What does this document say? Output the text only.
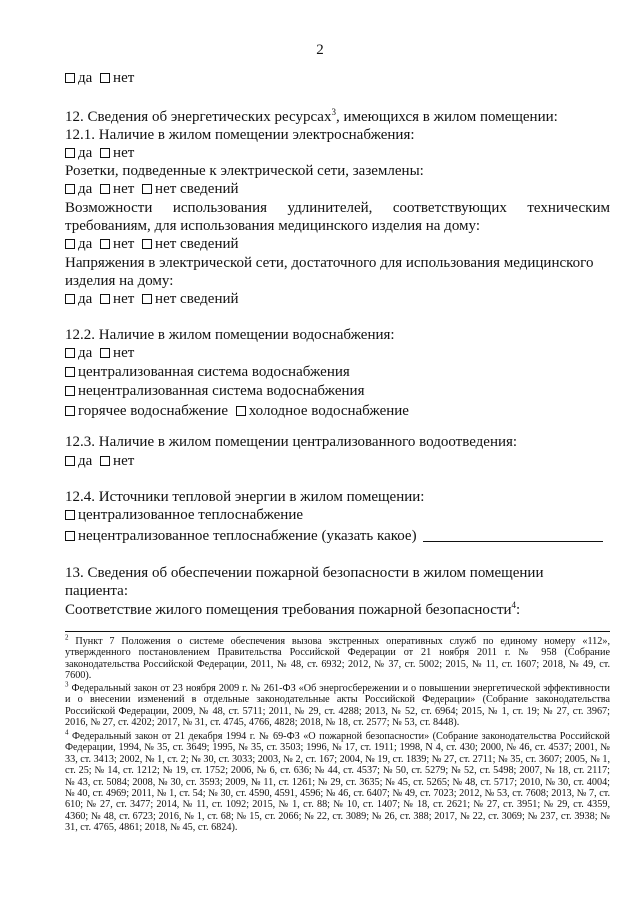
2
да нет
12. Сведения об энергетических ресурсах$^3$, имеющихся в жилом помещении:
12.1. Наличие в жилом помещении электроснабжения:
да нет
Розетки, подведенные к электрической сети, заземлены:
да нет нет сведений
Возможности использования удлинителей, соответствующих техническим
требованиям, для использования медицинского изделия на дому:
да нет нет сведений
Напряжения в электрической сети, достаточного для использования медицинского
изделия на дому:
да нет нет сведений
12.2. Наличие в жилом помещении водоснабжения:
да нет
централизованная система водоснабжения
нецентрализованная система водоснабжения
горячее водоснабжение холодное водоснабжение
12.3. Наличие в жилом помещении централизованного водоотведения:
да нет
12.4. Источники тепловой энергии в жилом помещении:
централизованное теплоснабжение
нецентрализованное теплоснабжение (указать какое)
13. Сведения об обеспечении пожарной безопасности в жилом помещении
пациента:
Соответствие жилого помещения требования пожарной безопасности$^4$:
$^2$ Пункт 7 Положения о системе обеспечения вызова экстренных оперативных служб по единому номеру «112», утвержденного постановлением Правительства Российской Федерации от 21 ноября 2011 г. № 958 (Собрание законодательства Российской Федерации, 2011, № 48, ст. 6932; 2012, № 37, ст. 5002; 2015, № 11, ст. 1607; 2018, № 49, ст. 7600).
$^3$ Федеральный закон от 23 ноября 2009 г. № 261-ФЗ «Об энергосбережении и о повышении энергетической эффективности и о внесении изменений в отдельные законодательные акты Российской Федерации» (Собрание законодательства Российской Федерации, 2009, № 48, ст. 5711; 2011, № 29, ст. 4288; 2013, № 52, ст. 6964; 2015, № 1, ст. 19; № 27, ст. 3967; 2016, № 27, ст. 4202; 2017, № 31, ст. 4745, 4766, 4828; 2018, № 18, ст. 2577; № 53, ст. 8448).
$^4$ Федеральный закон от 21 декабря 1994 г. № 69-ФЗ «О пожарной безопасности» (Собрание законодательства Российской Федерации, 1994, № 35, ст. 3649; 1995, № 35, ст. 3503; 1996, № 17, ст. 1911; 1998, N 4, ст. 430; 2000, № 46, ст. 4537; 2001, № 33, ст. 3413; 2002, № 1, ст. 2; № 30, ст. 3033; 2003, № 2, ст. 167; 2004, № 19, ст. 1839; № 27, ст. 2711; № 35, ст. 3607; 2005, № 1, ст. 25; № 14, ст. 1212; № 19, ст. 1752; 2006, № 6, ст. 636; № 44, ст. 4537; № 50, ст. 5279; № 52, ст. 5498; 2007, № 18, ст. 2117; № 43, ст. 5084; 2008, № 30, ст. 3593; 2009, № 11, ст. 1261; № 29, ст. 3635; № 45, ст. 5265; № 48, ст. 5717; 2010, № 30, ст. 4004; № 40, ст. 4969; 2011, № 1, ст. 54; № 30, ст. 4590, 4591, 4596; № 46, ст. 6407; № 49, ст. 7023; 2012, № 53, ст. 7608; 2013, № 7, ст. 610; № 27, ст. 3477; 2014, № 11, ст. 1092; 2015, № 1, ст. 88; № 10, ст. 1407; № 18, ст. 2621; № 27, ст. 3951; № 29, ст. 4359, 4360; № 48, ст. 6723; 2016, № 1, ст. 68; № 15, ст. 2066; № 22, ст. 3089; № 26, ст. 388; 2017, № 22, ст. 3069; № 237, ст. 3938; № 31, ст. 4765, 4861; 2018, № 45, ст. 6824).
